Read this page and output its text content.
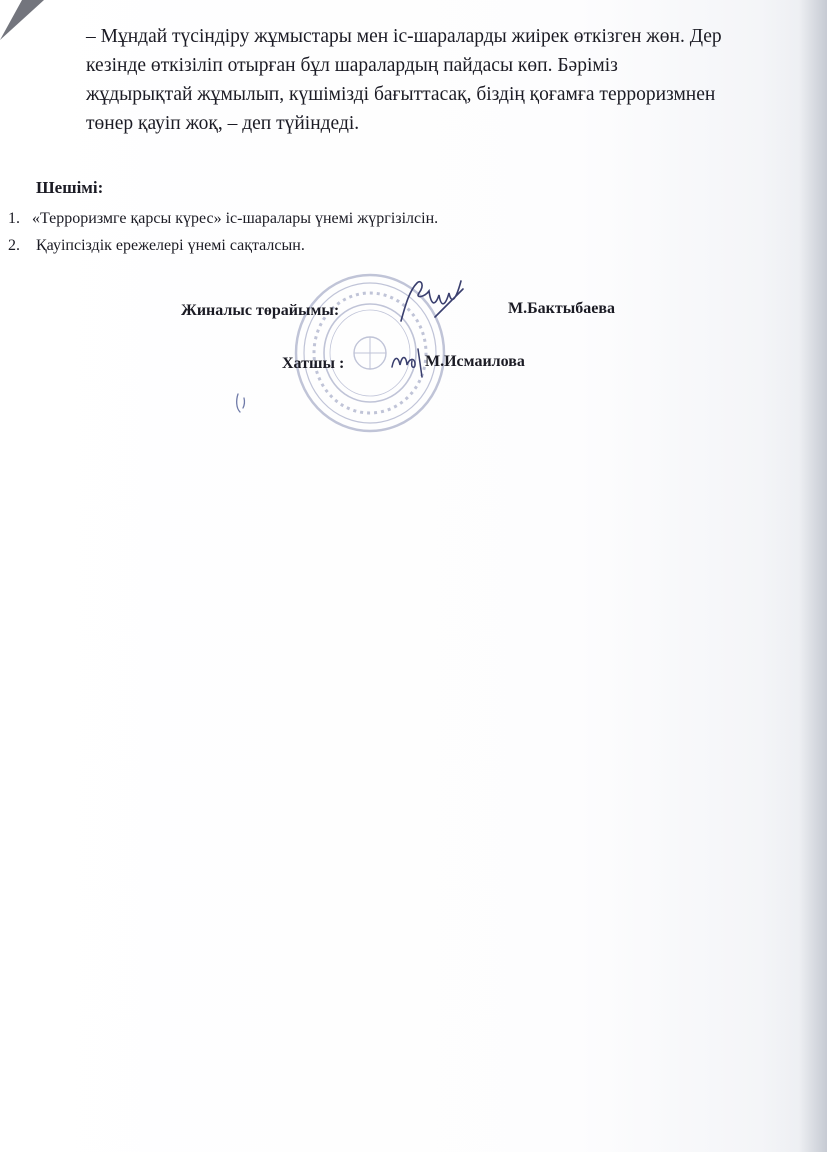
– Мұндай түсіндіру жұмыстары мен іс-шараларды жиірек өткізген жөн. Дер
кезінде өткізіліп отырған бұл шаралардың пайдасы көп. Бәріміз
жұдырықтай жұмылып, күшімізді бағыттасақ, біздің қоғамға терроризмнен
төнер қауіп жоқ, – деп түйіндеді.

Шешімі:
1. «Терроризмге қарсы күрес» іс-шаралары үнемі жүргізілсін.
2. Қауіпсіздік ережелері үнемі сақталсын.
Жиналыс төрайымы:	М.Бактыбаева
Хатшы :	М.Исмаилова
